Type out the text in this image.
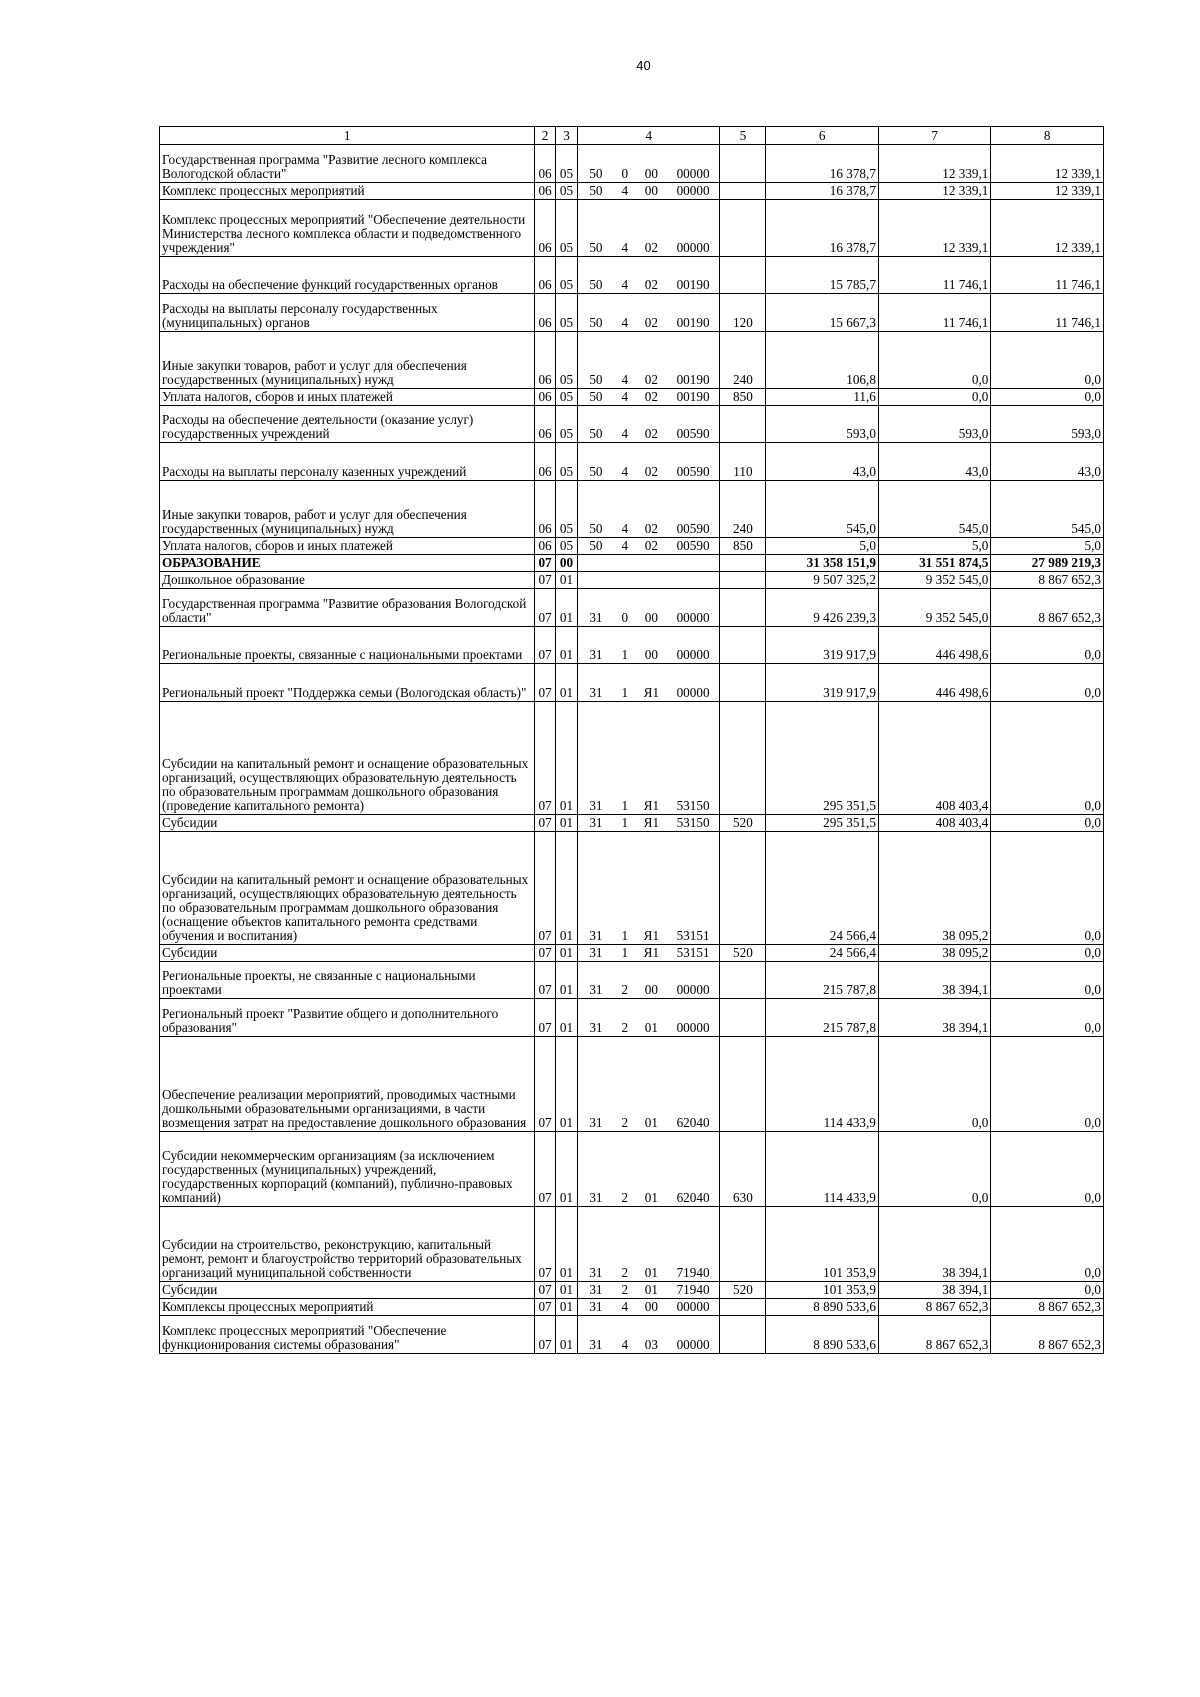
40
1	2	3	4				5	6	7	8
Государственная программа "Развитие лесного комплекса Вологодской области"	06	05	50	0	00	00000		16 378,7	12 339,1	12 339,1
Комплекс процессных мероприятий	06	05	50	4	00	00000		16 378,7	12 339,1	12 339,1
Комплекс процессных мероприятий "Обеспечение деятельности Министерства лесного комплекса области и подведомственного учреждения"	06	05	50	4	02	00000		16 378,7	12 339,1	12 339,1
Расходы на обеспечение функций государственных органов	06	05	50	4	02	00190		15 785,7	11 746,1	11 746,1
Расходы на выплаты персоналу государственных (муниципальных) органов	06	05	50	4	02	00190	120	15 667,3	11 746,1	11 746,1
Иные закупки товаров, работ и услуг для обеспечения государственных (муниципальных) нужд	06	05	50	4	02	00190	240	106,8	0,0	0,0
Уплата налогов, сборов и иных платежей	06	05	50	4	02	00190	850	11,6	0,0	0,0
Расходы на обеспечение деятельности (оказание услуг) государственных учреждений	06	05	50	4	02	00590		593,0	593,0	593,0
Расходы на выплаты персоналу казенных учреждений	06	05	50	4	02	00590	110	43,0	43,0	43,0
Иные закупки товаров, работ и услуг для обеспечения государственных (муниципальных) нужд	06	05	50	4	02	00590	240	545,0	545,0	545,0
Уплата налогов, сборов и иных платежей	06	05	50	4	02	00590	850	5,0	5,0	5,0
ОБРАЗОВАНИЕ	07	00						31 358 151,9	31 551 874,5	27 989 219,3
Дошкольное образование	07	01						9 507 325,2	9 352 545,0	8 867 652,3
Государственная программа "Развитие образования Вологодской области"	07	01	31	0	00	00000		9 426 239,3	9 352 545,0	8 867 652,3
Региональные проекты, связанные с национальными проектами	07	01	31	1	00	00000		319 917,9	446 498,6	0,0
Региональный проект "Поддержка семьи (Вологодская область)"	07	01	31	1	Я1	00000		319 917,9	446 498,6	0,0
Субсидии на капитальный ремонт и оснащение образовательных организаций, осуществляющих образовательную деятельность по образовательным программам дошкольного образования (проведение капитального ремонта)	07	01	31	1	Я1	53150		295 351,5	408 403,4	0,0
Субсидии	07	01	31	1	Я1	53150	520	295 351,5	408 403,4	0,0
Субсидии на капитальный ремонт и оснащение образовательных организаций, осуществляющих образовательную деятельность по образовательным программам дошкольного образования (оснащение объектов капитального ремонта средствами обучения и воспитания)	07	01	31	1	Я1	53151		24 566,4	38 095,2	0,0
Субсидии	07	01	31	1	Я1	53151	520	24 566,4	38 095,2	0,0
Региональные проекты, не связанные с национальными проектами	07	01	31	2	00	00000		215 787,8	38 394,1	0,0
Региональный проект "Развитие общего и дополнительного образования"	07	01	31	2	01	00000		215 787,8	38 394,1	0,0
Обеспечение реализации мероприятий, проводимых частными дошкольными образовательными организациями, в части возмещения затрат на предоставление дошкольного образования	07	01	31	2	01	62040		114 433,9	0,0	0,0
Субсидии некоммерческим организациям (за исключением государственных (муниципальных) учреждений, государственных корпораций (компаний), публично-правовых компаний)	07	01	31	2	01	62040	630	114 433,9	0,0	0,0
Субсидии на строительство, реконструкцию, капитальный ремонт, ремонт и благоустройство территорий образовательных организаций муниципальной собственности	07	01	31	2	01	71940		101 353,9	38 394,1	0,0
Субсидии	07	01	31	2	01	71940	520	101 353,9	38 394,1	0,0
Комплексы процессных мероприятий	07	01	31	4	00	00000		8 890 533,6	8 867 652,3	8 867 652,3
Комплекс процессных мероприятий "Обеспечение функционирования системы образования"	07	01	31	4	03	00000		8 890 533,6	8 867 652,3	8 867 652,3
